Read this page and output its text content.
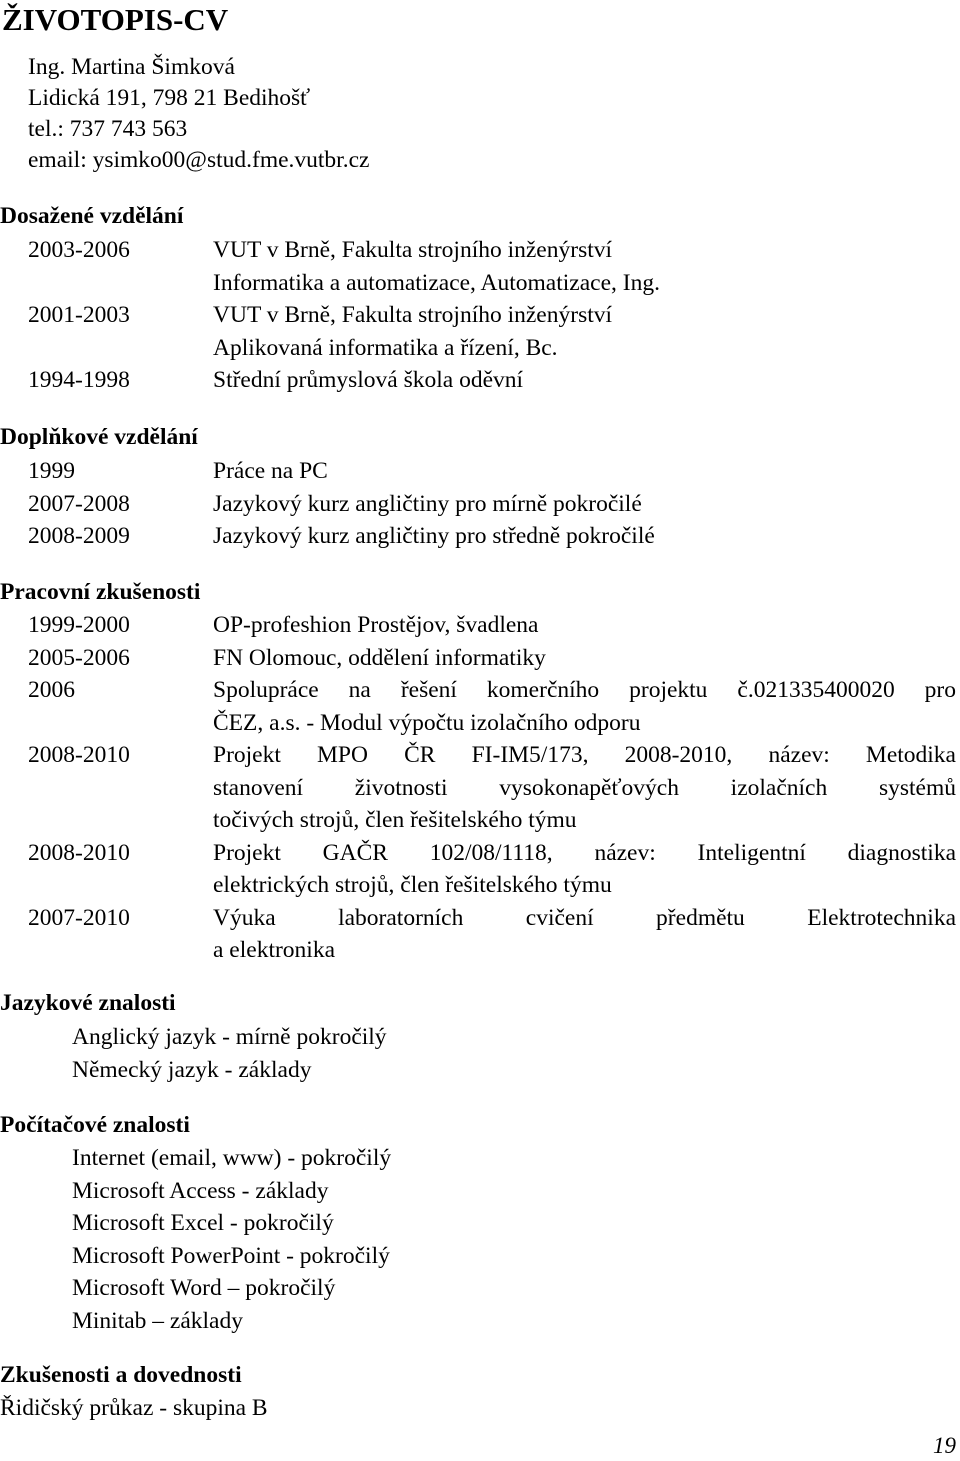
ŽIVOTOPIS-CV
Ing. Martina Šimková
Lidická 191, 798 21 Bedihošť
tel.: 737 743 563
email: ysimko00@stud.fme.vutbr.cz
Dosažené vzdělání
2003-2006	VUT v Brně, Fakulta strojního inženýrství
Informatika a automatizace, Automatizace, Ing.
2001-2003	VUT v Brně, Fakulta strojního inženýrství
Aplikovaná informatika a řízení, Bc.
1994-1998	Střední průmyslová škola oděvní
Doplňkové vzdělání
1999	Práce na PC
2007-2008	Jazykový kurz angličtiny pro mírně pokročilé
2008-2009	Jazykový kurz angličtiny pro středně pokročilé
Pracovní zkušenosti
1999-2000	OP-profeshion Prostějov, švadlena
2005-2006	FN Olomouc, oddělení informatiky
2006	Spolupráce na řešení komerčního projektu č.021335400020 pro
ČEZ, a.s. - Modul výpočtu izolačního odporu
2008-2010	Projekt MPO ČR FI-IM5/173, 2008-2010, název: Metodika
stanovení životnosti vysokonapěťových izolačních systémů
točivých strojů, člen řešitelského týmu
2008-2010	Projekt GAČR 102/08/1118, název: Inteligentní diagnostika
elektrických strojů, člen řešitelského týmu
2007-2010	Výuka laboratorních cvičení předmětu Elektrotechnika
a elektronika
Jazykové znalosti
Anglický jazyk - mírně pokročilý
Německý jazyk - základy
Počítačové znalosti
Internet (email, www) - pokročilý
Microsoft Access - základy
Microsoft Excel - pokročilý
Microsoft PowerPoint - pokročilý
Microsoft Word – pokročilý
Minitab – základy
Zkušenosti a dovednosti
Řidičský průkaz - skupina B
19
